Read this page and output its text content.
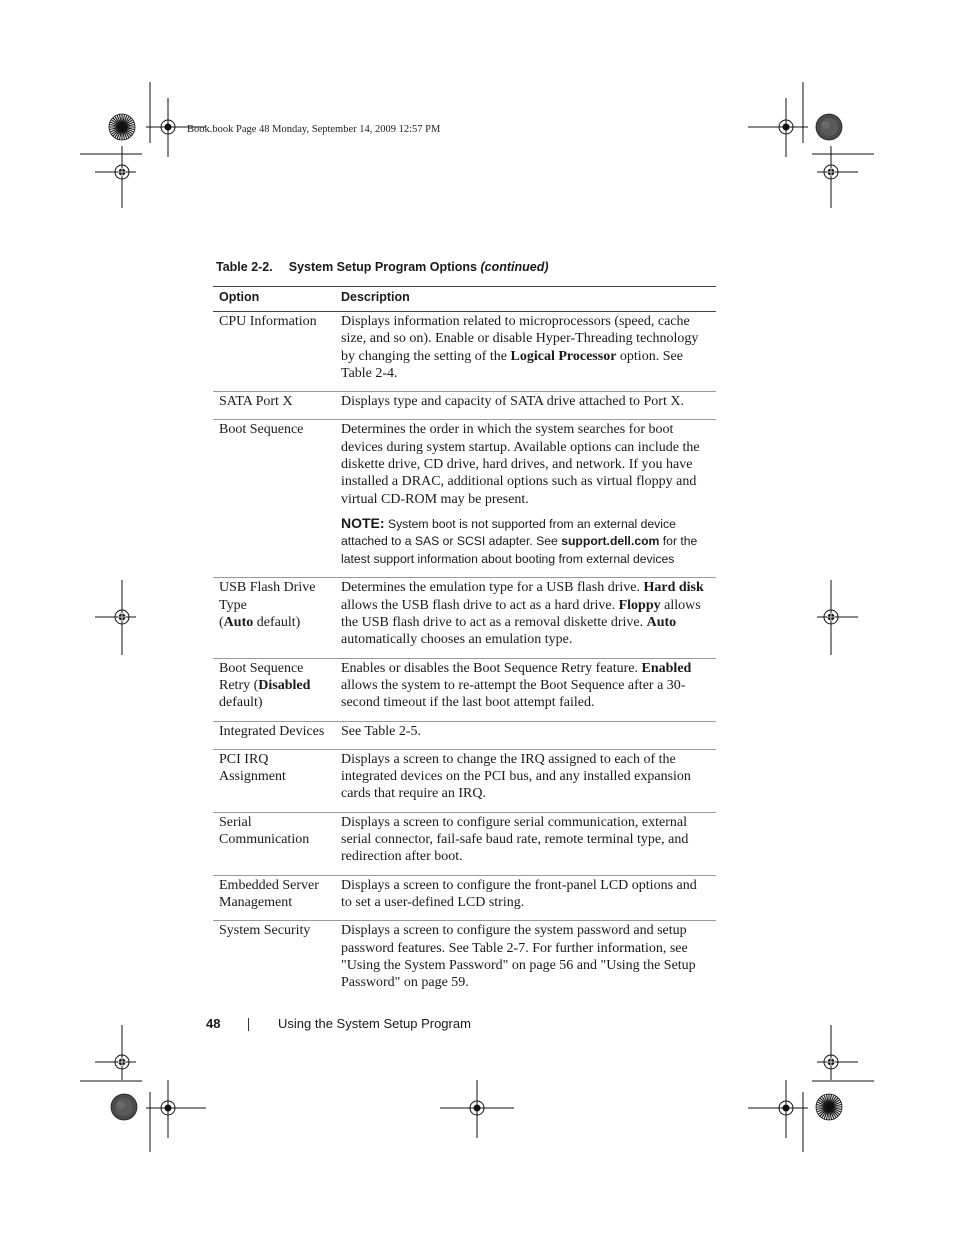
Book.book Page 48 Monday, September 14, 2009 12:57 PM
Table 2-2. System Setup Program Options (continued)
Option	Description
CPU Information	Displays information related to microprocessors (speed, cache size, and so on). Enable or disable Hyper-Threading technology by changing the setting of the Logical Processor option. See Table 2-4.
SATA Port X	Displays type and capacity of SATA drive attached to Port X.
Boot Sequence	Determines the order in which the system searches for boot devices during system startup. Available options can include the diskette drive, CD drive, hard drives, and network. If you have installed a DRAC, additional options such as virtual floppy and virtual CD-ROM may be present.
NOTE: System boot is not supported from an external device attached to a SAS or SCSI adapter. See support.dell.com for the latest support information about booting from external devices

USB Flash Drive Type
(Auto default)	Determines the emulation type for a USB flash drive. Hard disk allows the USB flash drive to act as a hard drive. Floppy allows the USB flash drive to act as a removal diskette drive. Auto automatically chooses an emulation type.
Boot Sequence Retry (Disabled default)	Enables or disables the Boot Sequence Retry feature. Enabled allows the system to re-attempt the Boot Sequence after a 30-second timeout if the last boot attempt failed.
Integrated Devices	See Table 2-5.
PCI IRQ Assignment	Displays a screen to change the IRQ assigned to each of the integrated devices on the PCI bus, and any installed expansion cards that require an IRQ.
Serial Communication	Displays a screen to configure serial communication, external serial connector, fail-safe baud rate, remote terminal type, and redirection after boot.
Embedded Server Management	Displays a screen to configure the front-panel LCD options and to set a user-defined LCD string.
System Security	Displays a screen to configure the system password and setup password features. See Table 2-7. For further information, see "Using the System Password" on page 56 and "Using the Setup Password" on page 59.
48	Using the System Setup Program
